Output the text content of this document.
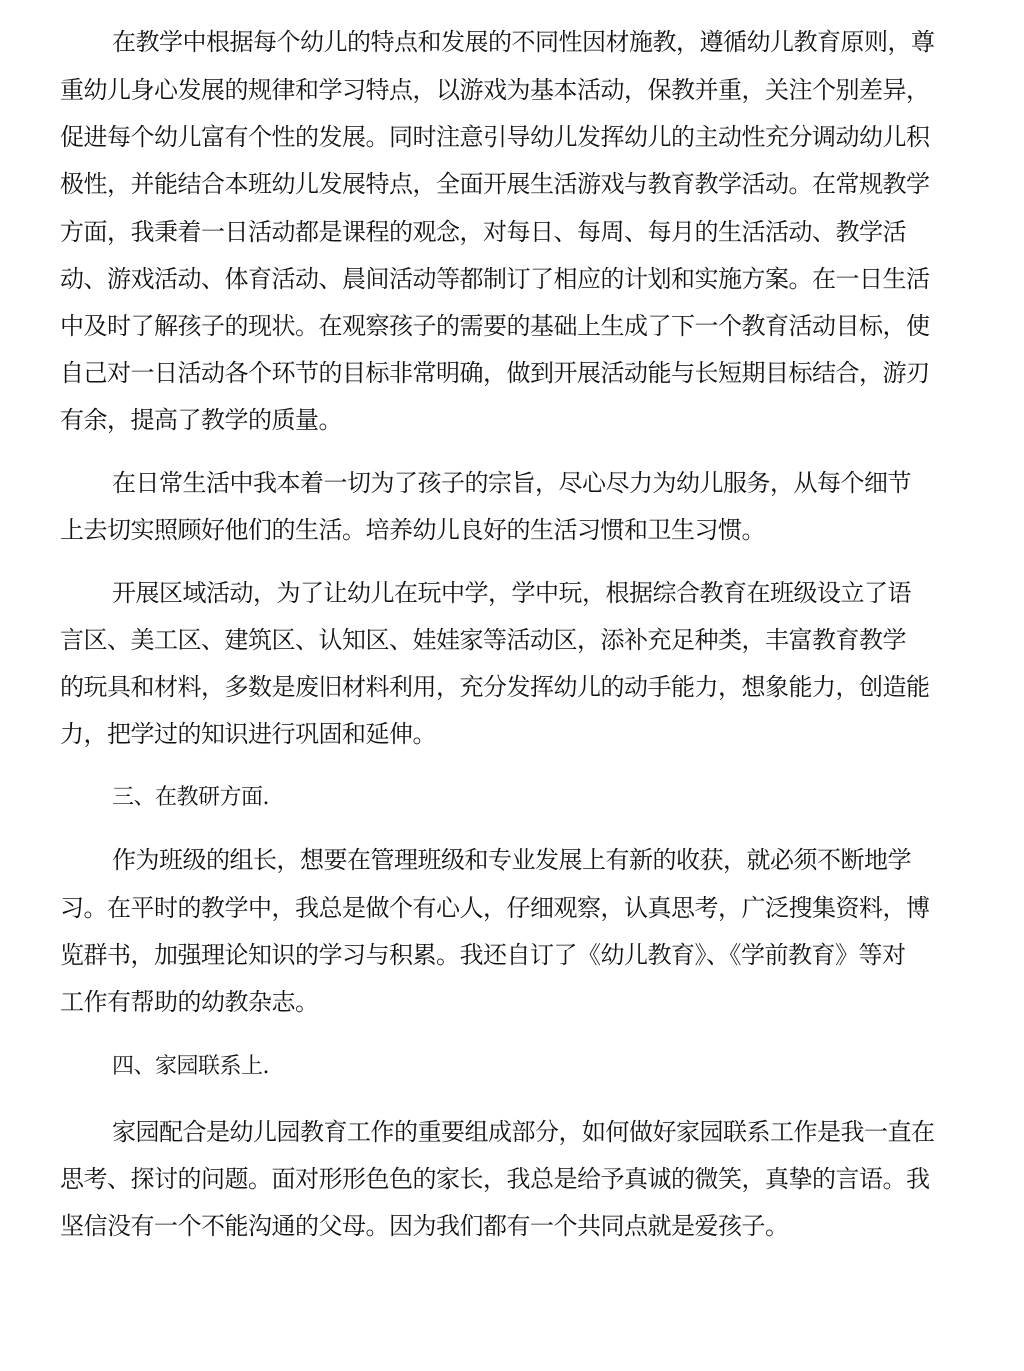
在教学中根据每个幼儿的特点和发展的不同性因材施教，遵循幼儿教育原则，尊
重幼儿身心发展的规律和学习特点，以游戏为基本活动，保教并重，关注个别差异，
促进每个幼儿富有个性的发展。同时注意引导幼儿发挥幼儿的主动性充分调动幼儿积
极性，并能结合本班幼儿发展特点，全面开展生活游戏与教育教学活动。在常规教学
方面，我秉着一日活动都是课程的观念，对每日、每周、每月的生活活动、教学活
动、游戏活动、体育活动、晨间活动等都制订了相应的计划和实施方案。在一日生活
中及时了解孩子的现状。在观察孩子的需要的基础上生成了下一个教育活动目标，使
自己对一日活动各个环节的目标非常明确，做到开展活动能与长短期目标结合，游刃
有余，提高了教学的质量。
在日常生活中我本着一切为了孩子的宗旨，尽心尽力为幼儿服务，从每个细节
上去切实照顾好他们的生活。培养幼儿良好的生活习惯和卫生习惯。
开展区域活动，为了让幼儿在玩中学，学中玩，根据综合教育在班级设立了语
言区、美工区、建筑区、认知区、娃娃家等活动区，添补充足种类，丰富教育教学
的玩具和材料，多数是废旧材料利用，充分发挥幼儿的动手能力，想象能力，创造能
力，把学过的知识进行巩固和延伸。
三、在教研方面.
作为班级的组长，想要在管理班级和专业发展上有新的收获，就必须不断地学
习。在平时的教学中，我总是做个有心人，仔细观察，认真思考，广泛搜集资料，博
览群书，加强理论知识的学习与积累。我还自订了《幼儿教育》、《学前教育》等对
工作有帮助的幼教杂志。
四、家园联系上.
家园配合是幼儿园教育工作的重要组成部分，如何做好家园联系工作是我一直在
思考、探讨的问题。面对形形色色的家长，我总是给予真诚的微笑，真挚的言语。我
坚信没有一个不能沟通的父母。因为我们都有一个共同点就是爱孩子。
